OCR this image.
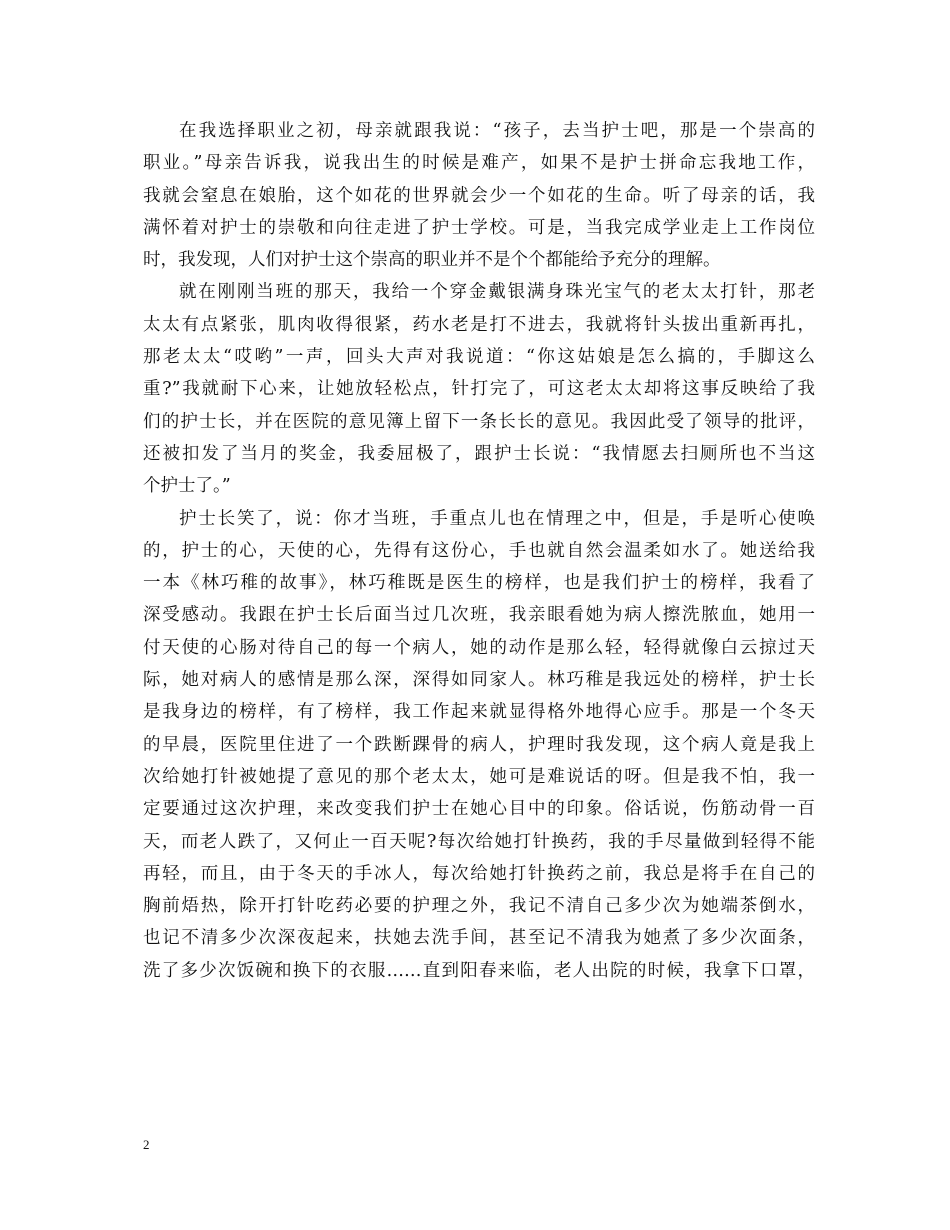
在我选择职业之初，母亲就跟我说：“孩子，去当护士吧，那是一个崇高的
职业。”母亲告诉我，说我出生的时候是难产，如果不是护士拼命忘我地工作，
我就会窒息在娘胎，这个如花的世界就会少一个如花的生命。听了母亲的话，我
满怀着对护士的崇敬和向往走进了护士学校。可是，当我完成学业走上工作岗位
时，我发现，人们对护士这个崇高的职业并不是个个都能给予充分的理解。
就在刚刚当班的那天，我给一个穿金戴银满身珠光宝气的老太太打针，那老
太太有点紧张，肌肉收得很紧，药水老是打不进去，我就将针头拔出重新再扎，
那老太太“哎哟”一声，回头大声对我说道：“你这姑娘是怎么搞的，手脚这么
重?”我就耐下心来，让她放轻松点，针打完了，可这老太太却将这事反映给了我
们的护士长，并在医院的意见簿上留下一条长长的意见。我因此受了领导的批评，
还被扣发了当月的奖金，我委屈极了，跟护士长说：“我情愿去扫厕所也不当这
个护士了。”
护士长笑了，说：你才当班，手重点儿也在情理之中，但是，手是听心使唤
的，护士的心，天使的心，先得有这份心，手也就自然会温柔如水了。她送给我
一本《林巧稚的故事》，林巧稚既是医生的榜样，也是我们护士的榜样，我看了
深受感动。我跟在护士长后面当过几次班，我亲眼看她为病人擦洗脓血，她用一
付天使的心肠对待自己的每一个病人，她的动作是那么轻，轻得就像白云掠过天
际，她对病人的感情是那么深，深得如同家人。林巧稚是我远处的榜样，护士长
是我身边的榜样，有了榜样，我工作起来就显得格外地得心应手。那是一个冬天
的早晨，医院里住进了一个跌断踝骨的病人，护理时我发现，这个病人竟是我上
次给她打针被她提了意见的那个老太太，她可是难说话的呀。但是我不怕，我一
定要通过这次护理，来改变我们护士在她心目中的印象。俗话说，伤筋动骨一百
天，而老人跌了，又何止一百天呢?每次给她打针换药，我的手尽量做到轻得不能
再轻，而且，由于冬天的手冰人，每次给她打针换药之前，我总是将手在自己的
胸前焐热，除开打针吃药必要的护理之外，我记不清自己多少次为她端茶倒水，
也记不清多少次深夜起来，扶她去洗手间，甚至记不清我为她煮了多少次面条，
洗了多少次饭碗和换下的衣服……直到阳春来临，老人出院的时候，我拿下口罩，
2
